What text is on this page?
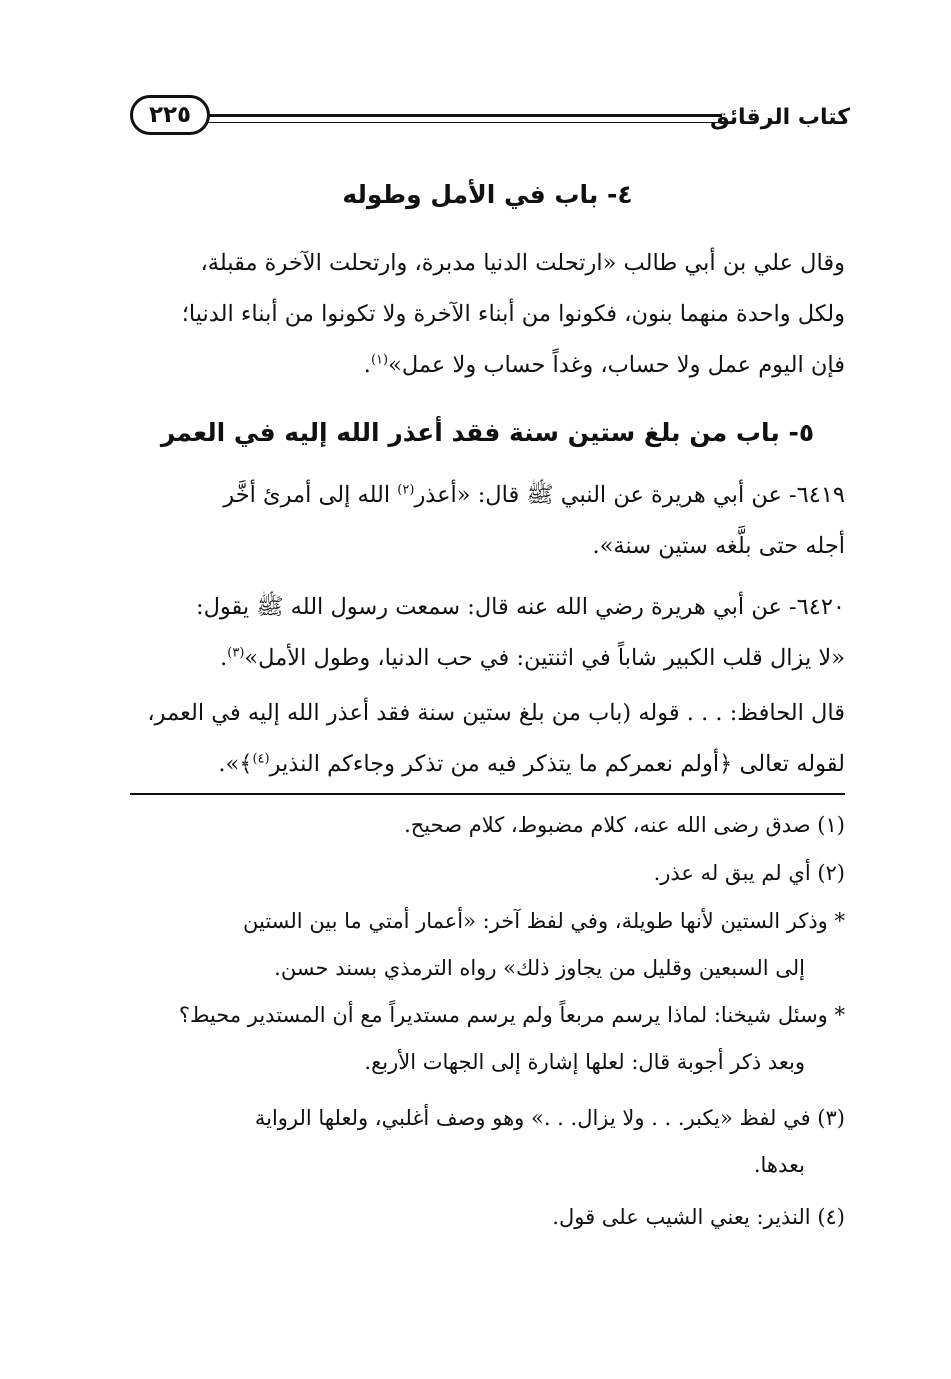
كتاب الرقائق
٢٢٥
٤- باب في الأمل وطوله
وقال علي بن أبي طالب «ارتحلت الدنيا مدبرة، وارتحلت الآخرة مقبلة،
ولكل واحدة منهما بنون، فكونوا من أبناء الآخرة ولا تكونوا من أبناء الدنيا؛
فإن اليوم عمل ولا حساب، وغداً حساب ولا عمل»$^{(١)}$.
٥- باب من بلغ ستين سنة فقد أعذر الله إليه في العمر
٦٤١٩- عن أبي هريرة عن النبي ﷺ قال: «أعذر$^{(٢)}$ الله إلى أمرئ أخَّر
أجله حتى بلَّغه ستين سنة».
٦٤٢٠- عن أبي هريرة رضي الله عنه قال: سمعت رسول الله ﷺ يقول:
«لا يزال قلب الكبير شاباً في اثنتين: في حب الدنيا، وطول الأمل»$^{(٣)}$.
قال الحافظ: . . . قوله (باب من بلغ ستين سنة فقد أعذر الله إليه في العمر،
لقوله تعالى ﴿أولم نعمركم ما يتذكر فيه من تذكر وجاءكم النذير$^{(٤)}$﴾».
(١) صدق رضى الله عنه، كلام مضبوط، كلام صحيح.
(٢) أي لم يبق له عذر.
* وذكر الستين لأنها طويلة، وفي لفظ آخر: «أعمار أمتي ما بين الستين
إلى السبعين وقليل من يجاوز ذلك» رواه الترمذي بسند حسن.
* وسئل شيخنا: لماذا يرسم مربعاً ولم يرسم مستديراً مع أن المستدير محيط؟
وبعد ذكر أجوبة قال: لعلها إشارة إلى الجهات الأربع.
(٣) في لفظ «يكبر. . . ولا يزال. . .» وهو وصف أغلبي، ولعلها الرواية
بعدها.
(٤) النذير: يعني الشيب على قول.
